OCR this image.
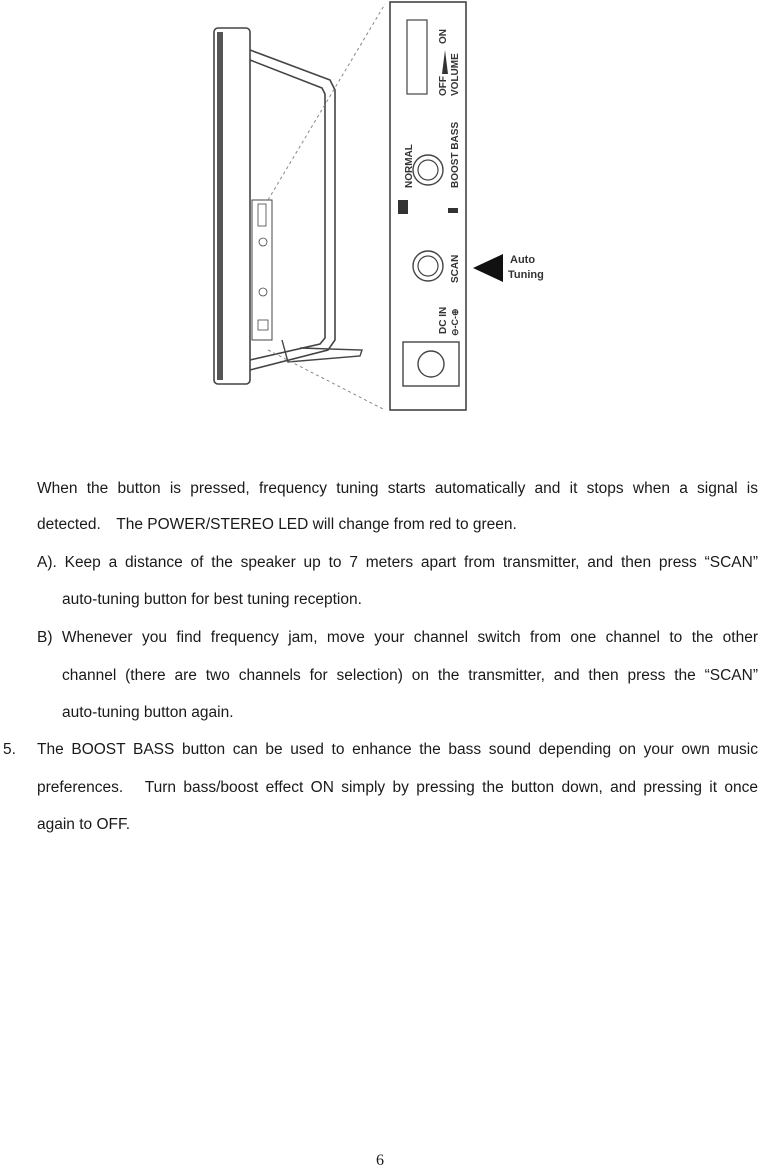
OFF
ON
VOLUME
NORMAL	BOOST BASS
SCAN
DC IN ⊖-C-⊕
Auto
Tuning

When the button is pressed, frequency tuning starts automatically and it stops when a signal is

detected.　The POWER/STEREO LED will change from red to green.

A). Keep a distance of the speaker up to 7 meters apart from transmitter, and then press “SCAN”

auto-tuning button for best tuning reception.

B) Whenever you find frequency jam, move your channel switch from one channel to the other

channel (there are two channels for selection) on the transmitter, and then press the “SCAN”

auto-tuning button again.

5. The BOOST BASS button can be used to enhance the bass sound depending on your own music

preferences.　Turn bass/boost effect ON simply by pressing the button down, and pressing it once

again to OFF.

6
